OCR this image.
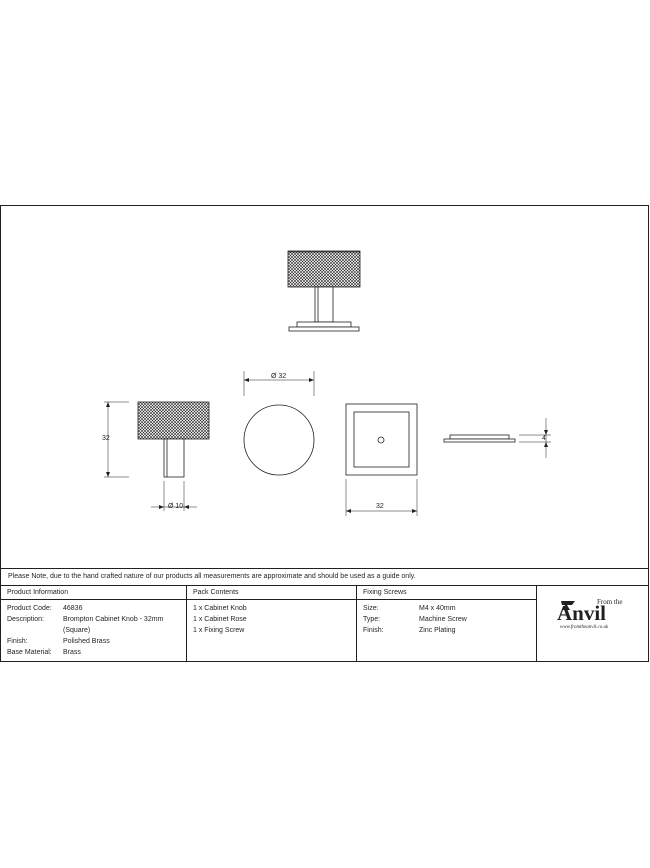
Ø 32
32
Ø 10	32
4
Please Note, due to the hand crafted nature of our products all measurements are approximate and should be used as a guide only.
Product Information
Product Code:	46836
Description:	Brompton Cabinet Knob - 32mm
(Square)
Finish:	Polished Brass
Base Material:	Brass
Pack Contents
1 x Cabinet Knob
1 x Cabinet Rose
1 x Fixing Screw
Fixing Screws
Size:	M4 x 40mm
Type:	Machine Screw
Finish:	Zinc Plating
From the
Anvil
www.fromtheanvil.co.uk
